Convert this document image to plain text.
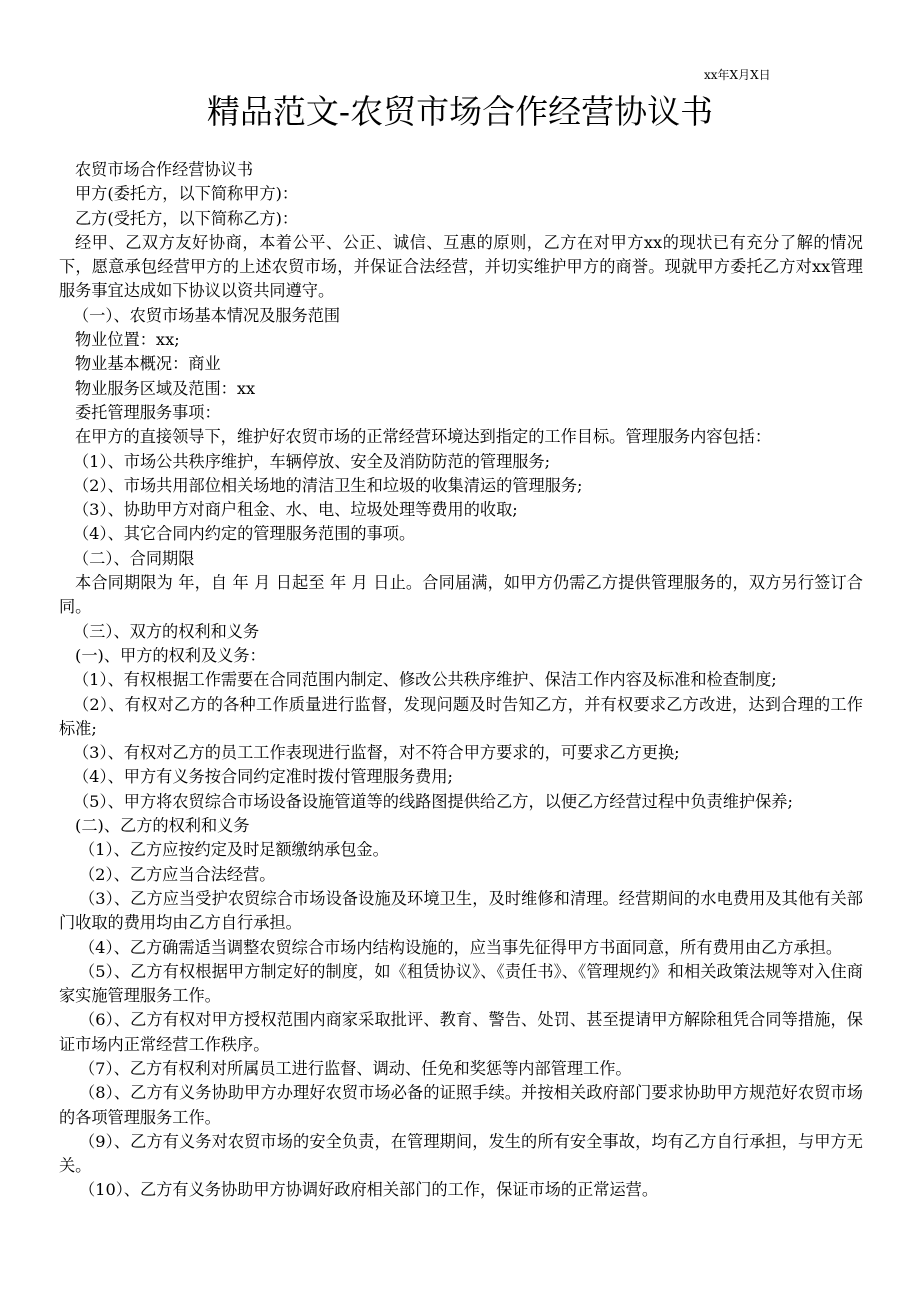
xx年X月X日
精品范文-农贸市场合作经营协议书

农贸市场合作经营协议书

甲方(委托方，以下简称甲方)：

乙方(受托方，以下简称乙方)：

经甲、乙双方友好协商，本着公平、公正、诚信、互惠的原则，乙方在对甲方xx的现状已有充分了解的情况下，愿意承包经营甲方的上述农贸市场，并保证合法经营，并切实维护甲方的商誉。现就甲方委托乙方对xx管理服务事宜达成如下协议以资共同遵守。

（一）、农贸市场基本情况及服务范围

物业位置：xx;

物业基本概况：商业

物业服务区域及范围：xx

委托管理服务事项：

在甲方的直接领导下，维护好农贸市场的正常经营环境达到指定的工作目标。管理服务内容包括：

（1）、市场公共秩序维护，车辆停放、安全及消防防范的管理服务;

（2）、市场共用部位相关场地的清洁卫生和垃圾的收集清运的管理服务;

（3）、协助甲方对商户租金、水、电、垃圾处理等费用的收取;

（4）、其它合同内约定的管理服务范围的事项。

（二）、合同期限

本合同期限为 年，自 年 月 日起至 年 月 日止。合同届满，如甲方仍需乙方提供管理服务的，双方另行签订合同。

（三）、双方的权利和义务

(一)、甲方的权利及义务：

（1）、有权根据工作需要在合同范围内制定、修改公共秩序维护、保洁工作内容及标准和检查制度;

（2）、有权对乙方的各种工作质量进行监督，发现问题及时告知乙方，并有权要求乙方改进，达到合理的工作标准;

（3）、有权对乙方的员工工作表现进行监督，对不符合甲方要求的，可要求乙方更换;

（4）、甲方有义务按合同约定准时拨付管理服务费用;

（5）、甲方将农贸综合市场设备设施管道等的线路图提供给乙方，以便乙方经营过程中负责维护保养;

(二)、乙方的权利和义务

（1）、乙方应按约定及时足额缴纳承包金。

（2）、乙方应当合法经营。

（3）、乙方应当受护农贸综合市场设备设施及环境卫生，及时维修和清理。经营期间的水电费用及其他有关部门收取的费用均由乙方自行承担。

（4）、乙方确需适当调整农贸综合市场内结构设施的，应当事先征得甲方书面同意，所有费用由乙方承担。

（5）、乙方有权根据甲方制定好的制度，如《租赁协议》、《责任书》、《管理规约》和相关政策法规等对入住商家实施管理服务工作。

（6）、乙方有权对甲方授权范围内商家采取批评、教育、警告、处罚、甚至提请甲方解除租凭合同等措施，保证市场内正常经营工作秩序。

（7）、乙方有权利对所属员工进行监督、调动、任免和奖惩等内部管理工作。

（8）、乙方有义务协助甲方办理好农贸市场必备的证照手续。并按相关政府部门要求协助甲方规范好农贸市场的各项管理服务工作。

（9）、乙方有义务对农贸市场的安全负责，在管理期间，发生的所有安全事故，均有乙方自行承担，与甲方无关。

（10）、乙方有义务协助甲方协调好政府相关部门的工作，保证市场的正常运营。
